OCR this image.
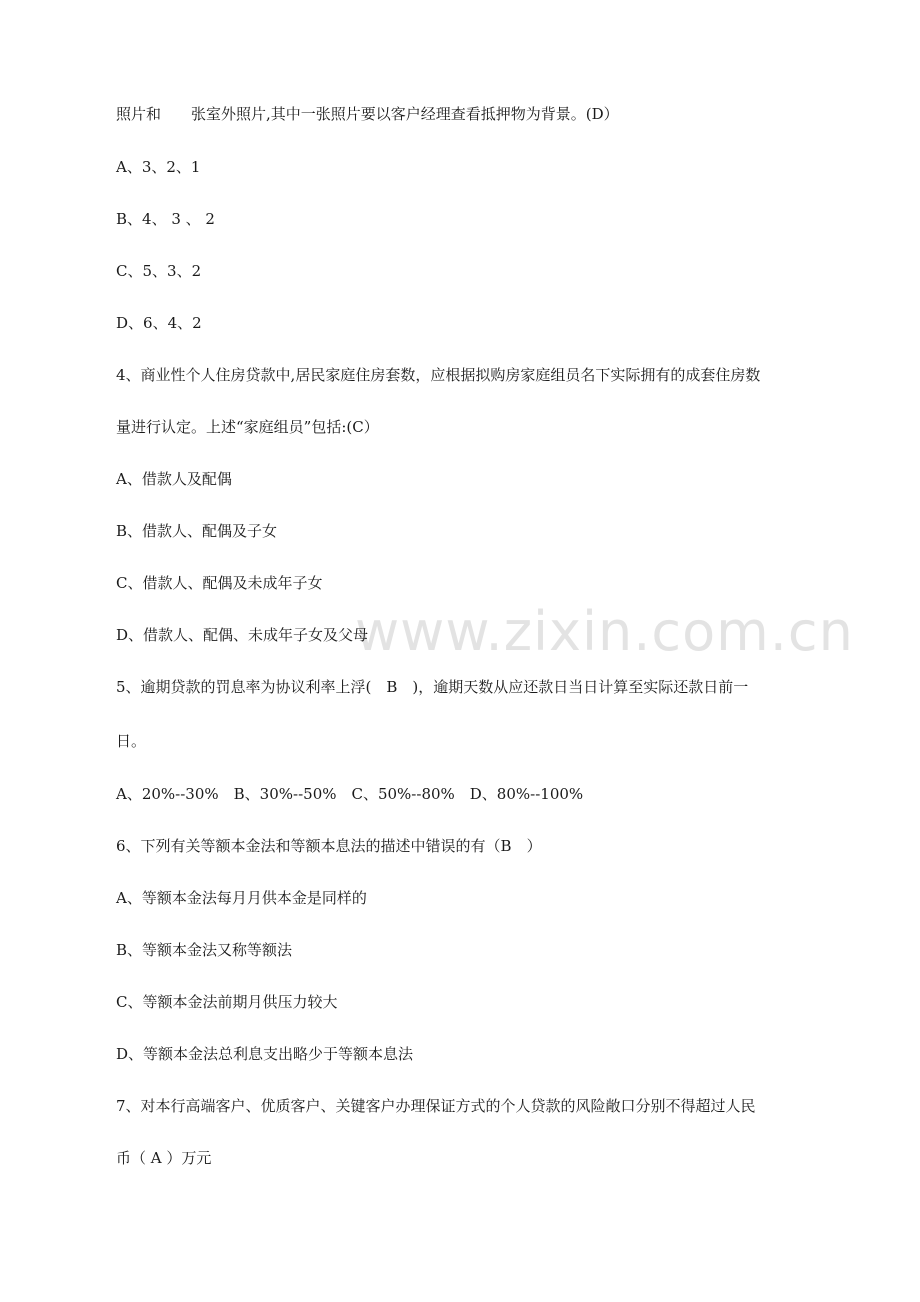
www.zixin.com.cn
照片和　　张室外照片,其中一张照片要以客户经理查看抵押物为背景。(D）
A、3、2、1
B、4、 3 、 2
C、5、3、2
D、6、4、2
4、商业性个人住房贷款中,居民家庭住房套数，应根据拟购房家庭组员名下实际拥有的成套住房数
量进行认定。上述“家庭组员”包括:(C）
A、借款人及配偶
B、借款人、配偶及子女
C、借款人、配偶及未成年子女
D、借款人、配偶、未成年子女及父母
5、逾期贷款的罚息率为协议利率上浮(　B　)，逾期天数从应还款日当日计算至实际还款日前一
日。
A、20%--30%　B、30%--50%　C、50%--80%　D、80%--100%
6、下列有关等额本金法和等额本息法的描述中错误的有（B　）
A、等额本金法每月月供本金是同样的
B、等额本金法又称等额法
C、等额本金法前期月供压力较大
D、等额本金法总利息支出略少于等额本息法
7、对本行高端客户、优质客户、关键客户办理保证方式的个人贷款的风险敞口分别不得超过人民
币（ A ）万元
